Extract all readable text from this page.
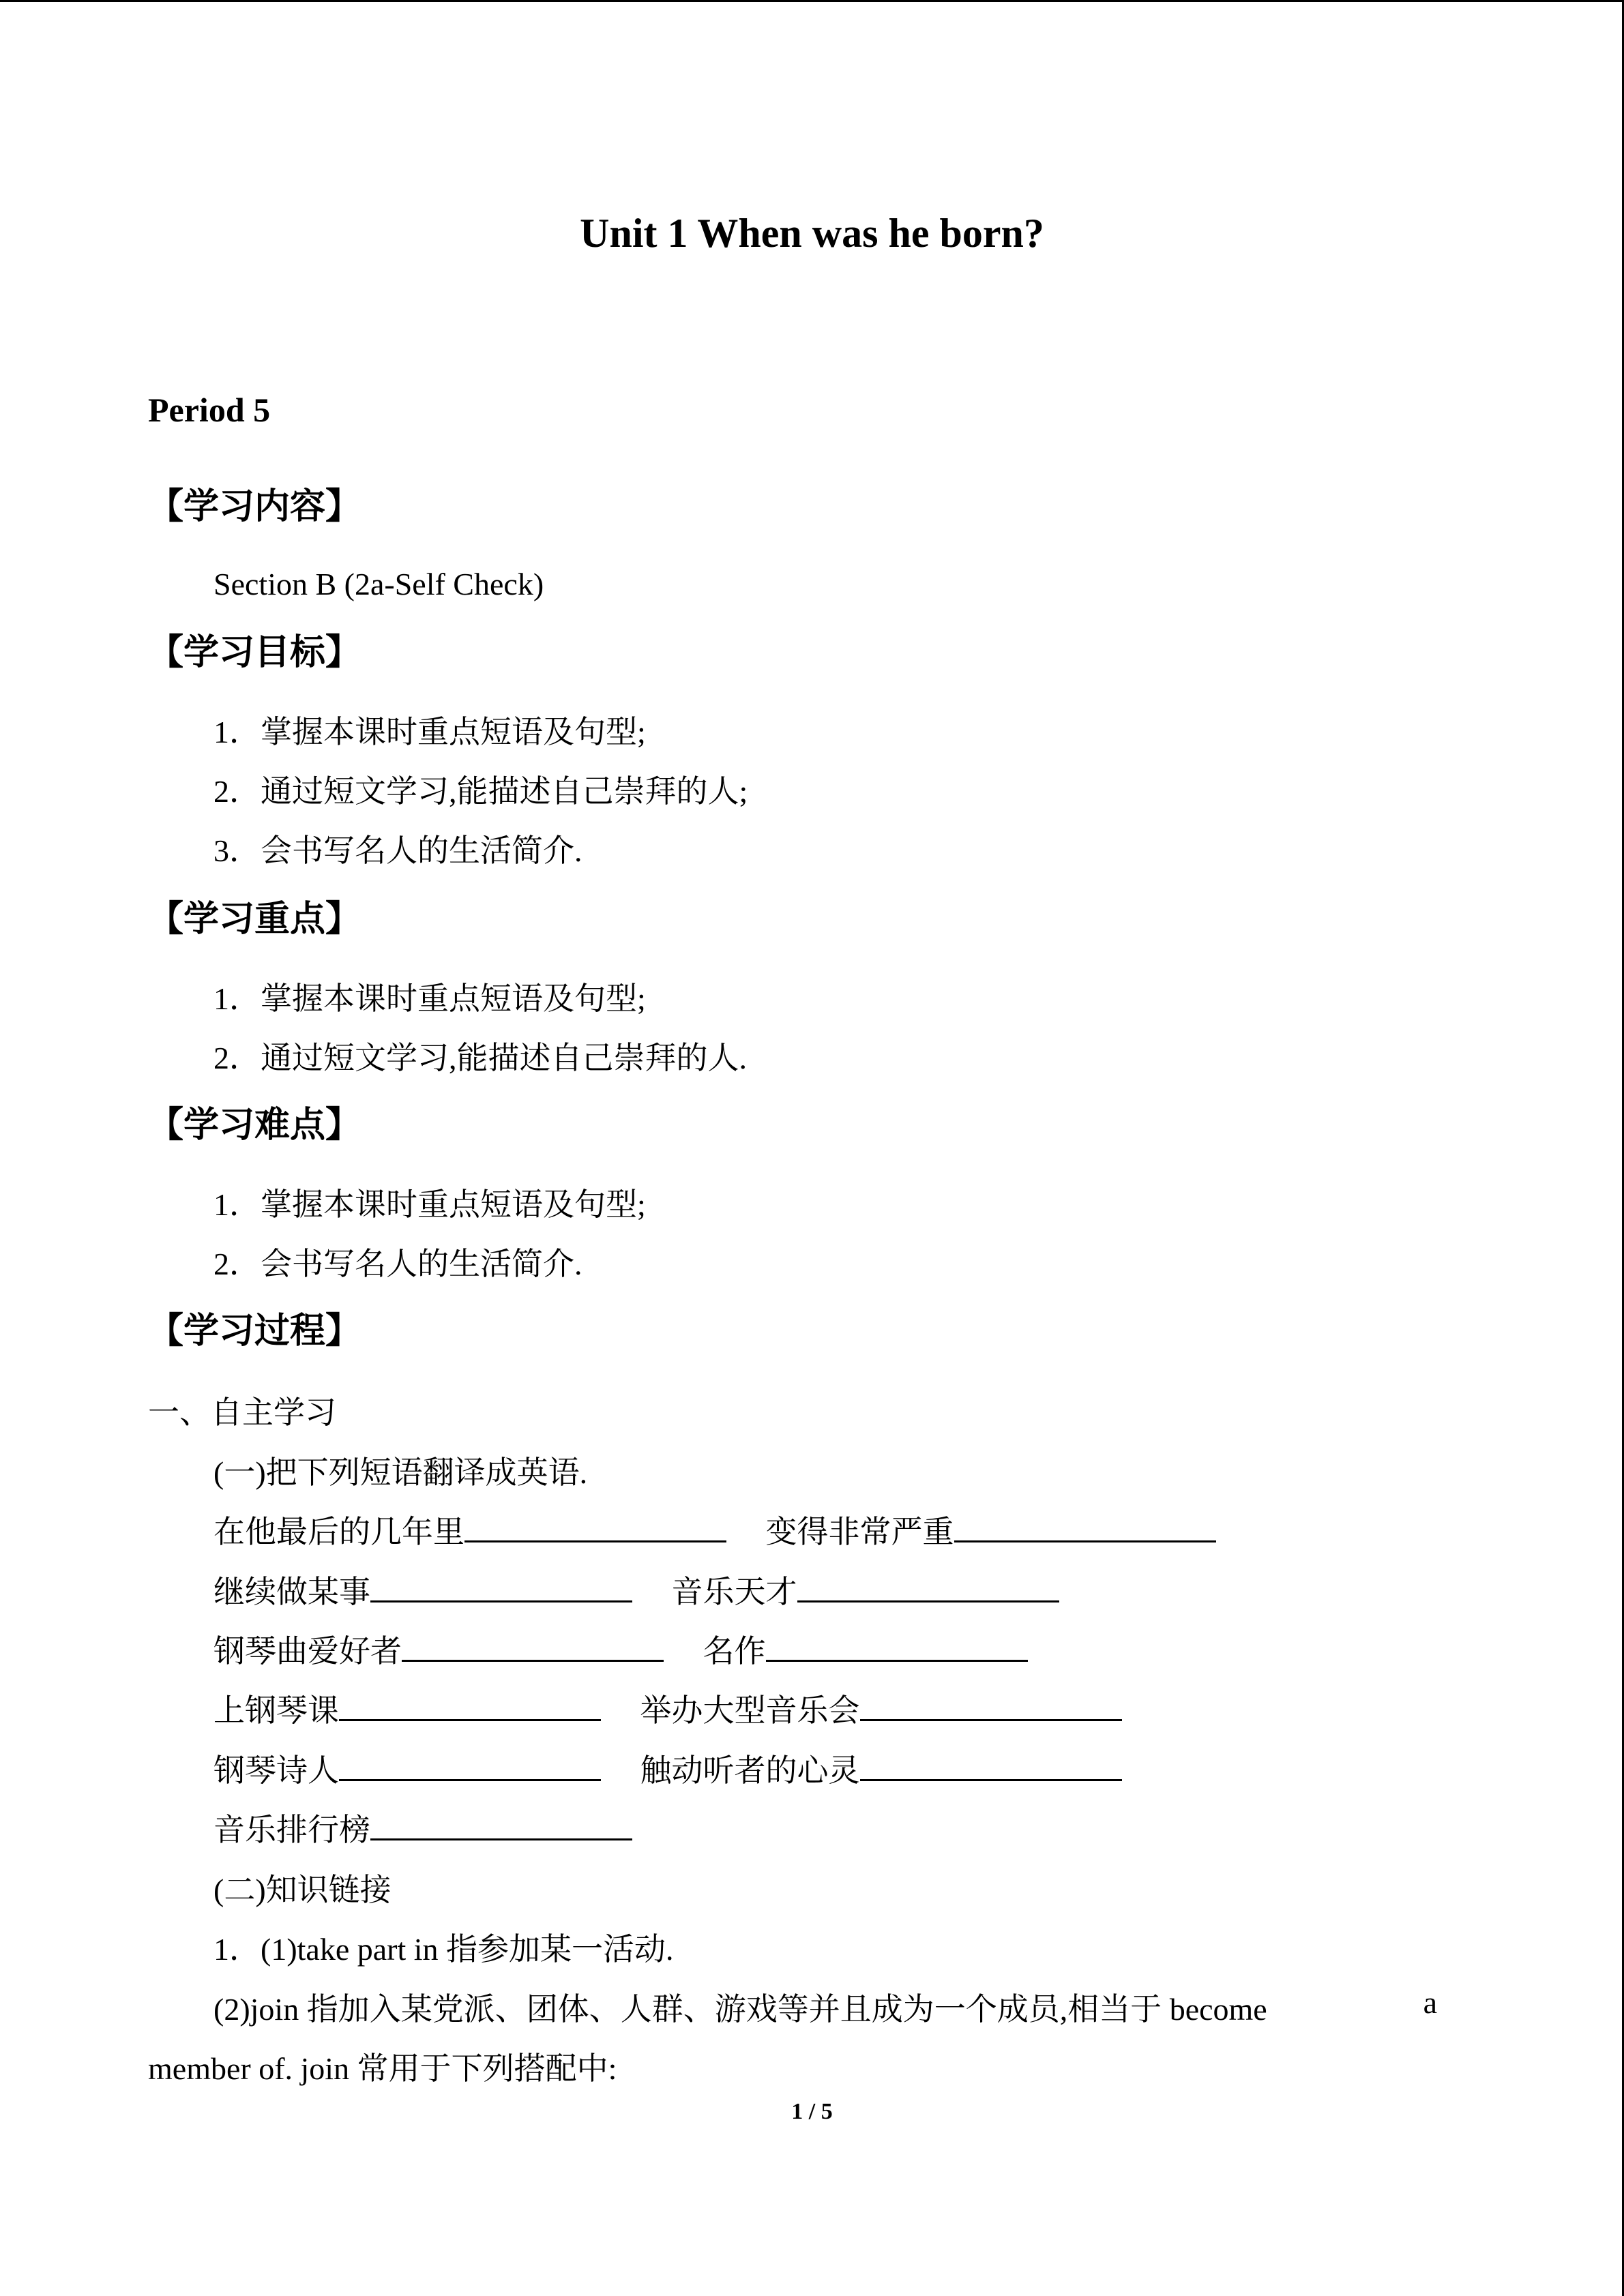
Unit 1 When was he born?
Period 5
【学习内容】
Section B (2a-Self Check)
【学习目标】
1．掌握本课时重点短语及句型;
2．通过短文学习,能描述自己崇拜的人;
3．会书写名人的生活简介.
【学习重点】
1．掌握本课时重点短语及句型;
2．通过短文学习,能描述自己崇拜的人.
【学习难点】
1．掌握本课时重点短语及句型;
2．会书写名人的生活简介.
【学习过程】
一、自主学习
(一)把下列短语翻译成英语.
在他最后的几年里	变得非常严重
继续做某事	音乐天才
钢琴曲爱好者	名作
上钢琴课	举办大型音乐会
钢琴诗人	触动听者的心灵
音乐排行榜
(二)知识链接
1．(1)take part in 指参加某一活动.
(2)join 指加入某党派、团体、人群、游戏等并且成为一个成员,相当于 become	a
member of. join 常用于下列搭配中:
1 / 5
